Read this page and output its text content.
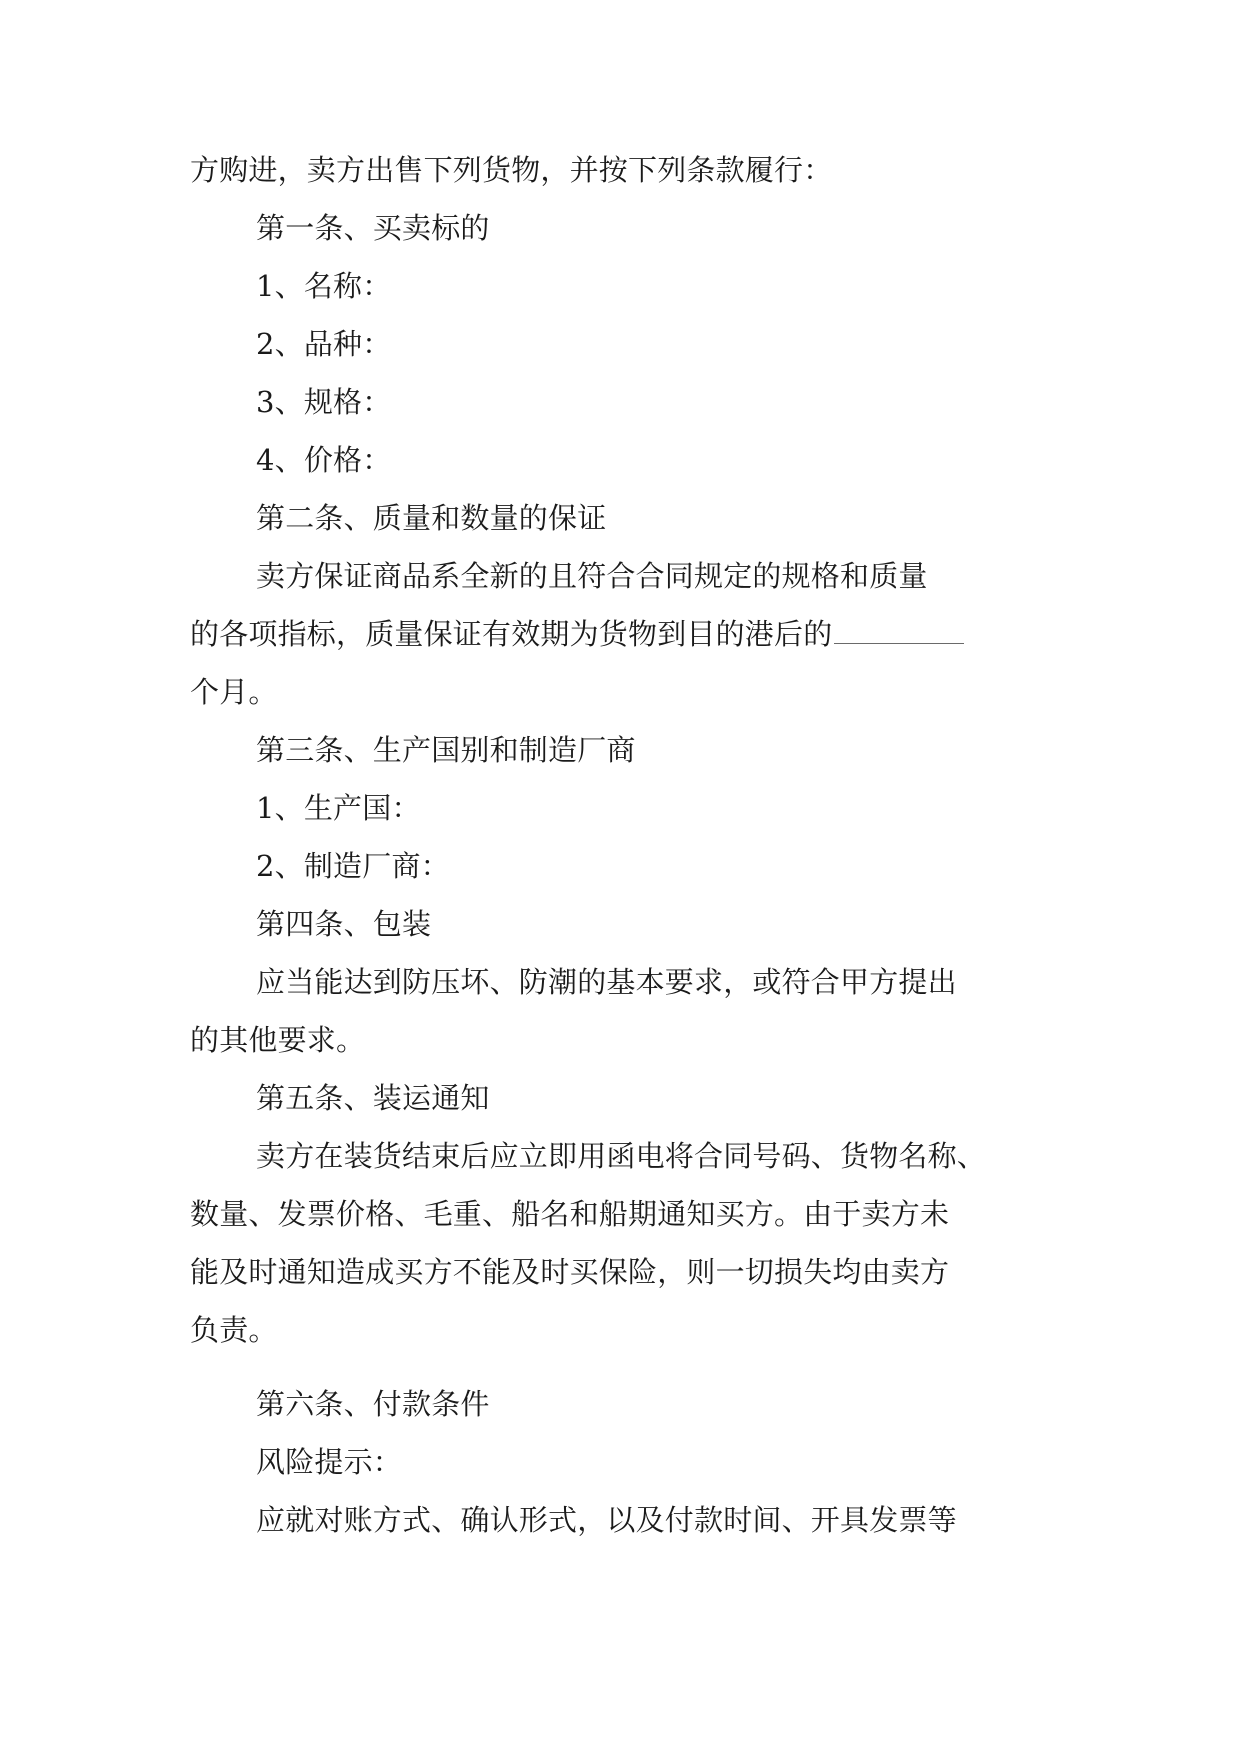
方购进，卖方出售下列货物，并按下列条款履行：
第一条、买卖标的
1、名称：
2、品种：
3、规格：
4、价格：
第二条、质量和数量的保证
卖方保证商品系全新的且符合合同规定的规格和质量
的各项指标，质量保证有效期为货物到目的港后的
个月。
第三条、生产国别和制造厂商
1、生产国：
2、制造厂商：
第四条、包装
应当能达到防压坏、防潮的基本要求，或符合甲方提出
的其他要求。
第五条、装运通知
卖方在装货结束后应立即用函电将合同号码、货物名称、
数量、发票价格、毛重、船名和船期通知买方。由于卖方未
能及时通知造成买方不能及时买保险，则一切损失均由卖方
负责。
第六条、付款条件
风险提示：
应就对账方式、确认形式，以及付款时间、开具发票等
